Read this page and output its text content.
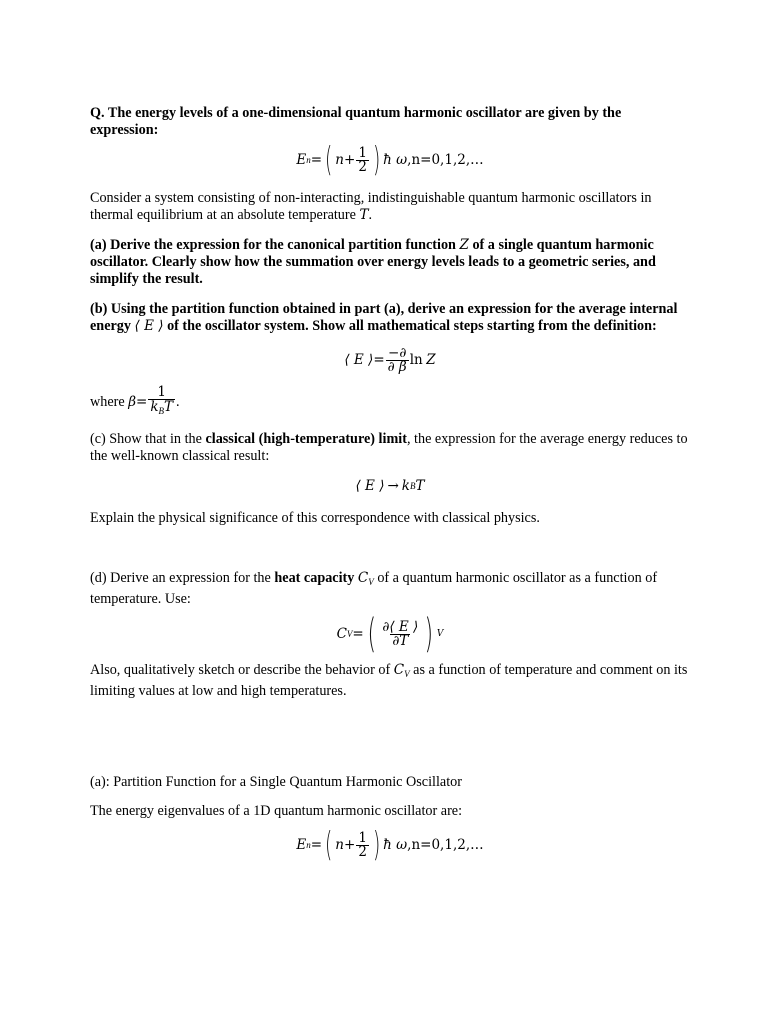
Q. The energy levels of a one-dimensional quantum harmonic oscillator are given by the expression:

E n = ( $n + \frac{1}{2}$ ) ħ ω ,n=0,1,2,…

Consider a system consisting of non-interacting, indistinguishable quantum harmonic oscillators in thermal equilibrium at an absolute temperature T.

(a) Derive the expression for the canonical partition function Z of a single quantum harmonic oscillator. Clearly show how the summation over energy levels leads to a geometric series, and simplify the result.

(b) Using the partition function obtained in part (a), derive an expression for the average internal energy ⟨ E ⟩ of the oscillator system. Show all mathematical steps starting from the definition:

⟨ E ⟩ = $\frac{-\partial}{\partial \beta}$ ln
Z

where
$\beta = \frac{1}{k_BT}$ .

(c) Show that in the classical (high-temperature) limit, the expression for the average energy reduces to the well-known classical result:

⟨ E ⟩ → k B T

Explain the physical significance of this correspondence with classical physics.

(d) Derive an expression for the heat capacity $C_V$ of a quantum harmonic oscillator as a function of temperature. Use:

C V = ( $\frac{\partial⟨ E ⟩}{\partial T}$ ) V

Also, qualitatively sketch or describe the behavior of $C_V$ as a function of temperature and comment on its limiting values at low and high temperatures.

(a): Partition Function for a Single Quantum Harmonic Oscillator

The energy eigenvalues of a 1D quantum harmonic oscillator are:

E n = ( $n + \frac{1}{2}$ ) ħ ω ,n=0,1,2,…
